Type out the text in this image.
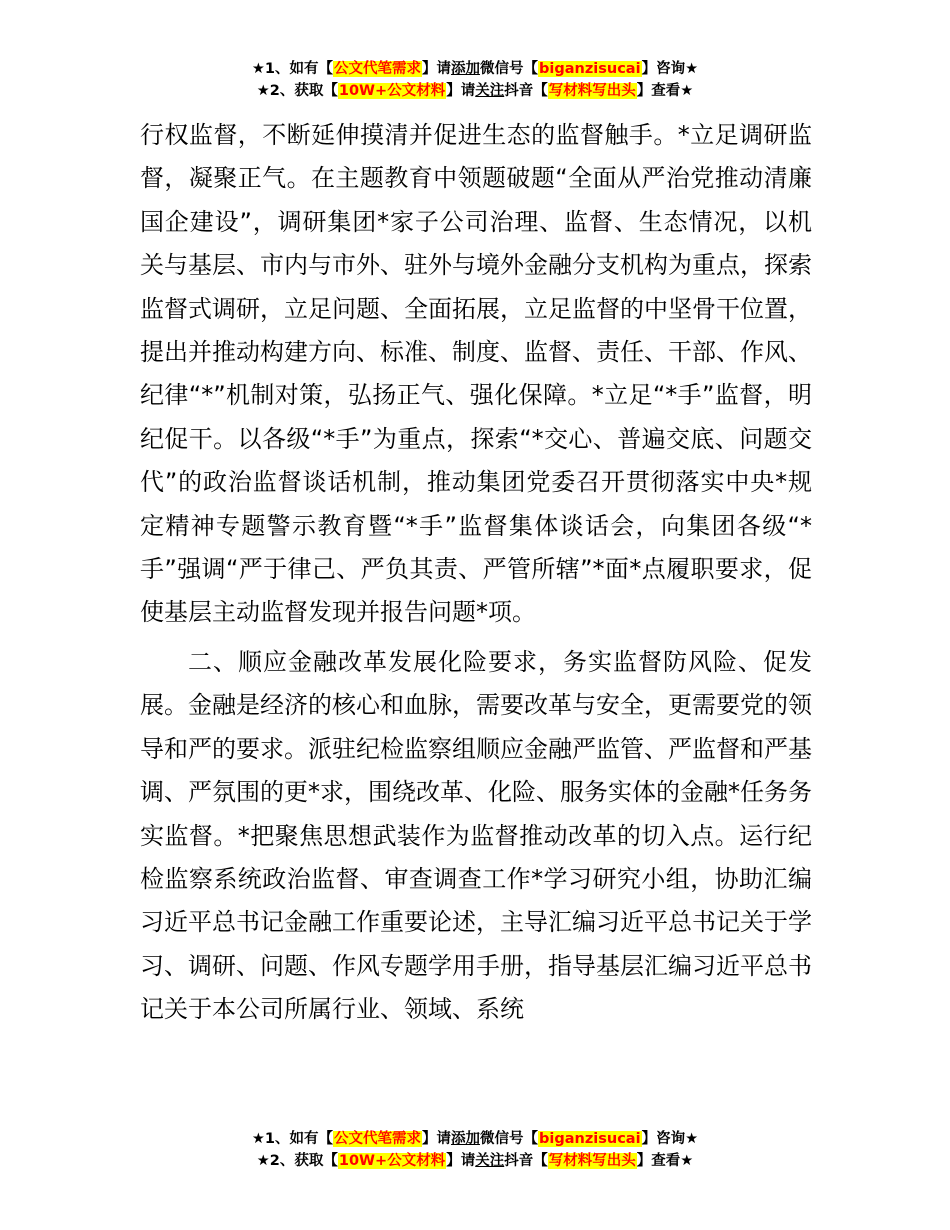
★1、如有【公文代笔需求】请添加微信号【biganzisucai】咨询★
★2、获取【10W+公文材料】请关注抖音【写材料写出头】查看★

行权监督，不断延伸摸清并促进生态的监督触手。*立足调研监督，凝聚正气。在主题教育中领题破题“全面从严治党推动清廉国企建设”，调研集团*家子公司治理、监督、生态情况，以机关与基层、市内与市外、驻外与境外金融分支机构为重点，探索监督式调研，立足问题、全面拓展，立足监督的中坚骨干位置，提出并推动构建方向、标准、制度、监督、责任、干部、作风、纪律“*”机制对策，弘扬正气、强化保障。*立足“*手”监督，明纪促干。以各级“*手”为重点，探索“*交心、普遍交底、问题交代”的政治监督谈话机制，推动集团党委召开贯彻落实中央*规定精神专题警示教育暨“*手”监督集体谈话会，向集团各级“*手”强调“严于律己、严负其责、严管所辖”*面*点履职要求，促使基层主动监督发现并报告问题*项。

二、顺应金融改革发展化险要求，务实监督防风险、促发展。金融是经济的核心和血脉，需要改革与安全，更需要党的领导和严的要求。派驻纪检监察组顺应金融严监管、严监督和严基调、严氛围的更*求，围绕改革、化险、服务实体的金融*任务务实监督。*把聚焦思想武装作为监督推动改革的切入点。运行纪检监察系统政治监督、审查调查工作*学习研究小组，协助汇编习近平总书记金融工作重要论述，主导汇编习近平总书记关于学习、调研、问题、作风专题学用手册，指导基层汇编习近平总书记关于本公司所属行业、领域、系统

★1、如有【公文代笔需求】请添加微信号【biganzisucai】咨询★
★2、获取【10W+公文材料】请关注抖音【写材料写出头】查看★
